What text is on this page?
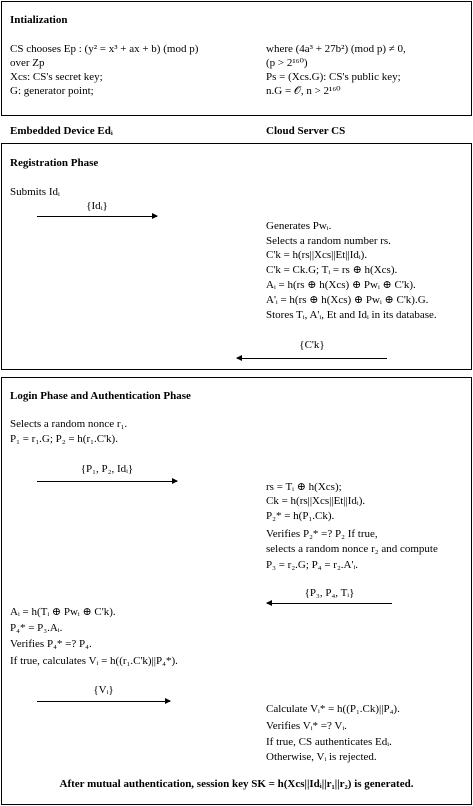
Intialization
CS chooses Ep : (y² = x³ + ax + b) (mod p)
over Zp
Xcs: CS's secret key;
G: generator point;
where (4a³ + 27b²) (mod p) ≠ 0,
(p > 2¹⁶⁰)
Ps = (Xcs.G): CS's public key;
n.G = 𝒪, n > 2¹⁶⁰
Embedded Device Edᵢ	Cloud Server CS
Registration Phase
Submits Idᵢ
{Idᵢ}
Generates Pwᵢ.
Selects a random number rs.
C'k = h(rs||Xcs||Et||Idᵢ).
C'k = Ck.G; Tᵢ = rs ⊕ h(Xcs).
Aᵢ = h(rs ⊕ h(Xcs) ⊕ Pwᵢ ⊕ C'k).
A'ᵢ = h(rs ⊕ h(Xcs) ⊕ Pwᵢ ⊕ C'k).G.
Stores Tᵢ, A'ᵢ, Et and Idᵢ in its database.
{C'k}
Login Phase and Authentication Phase
Selects a random nonce r₁.
P₁ = r₁.G; P₂ = h(r₁.C'k).
{P₁, P₂, Idᵢ}
rs = Tᵢ ⊕ h(Xcs);
Ck = h(rs||Xcs||Et||Idᵢ).
P₂* = h(P₁.Ck).
Verifies P₂* =? P₂ If true,
selects a random nonce r₂ and compute
P₃ = r₂.G; P₄ = r₂.A'ᵢ.
{P₃, P₄, Tᵢ}
Aᵢ = h(Tᵢ ⊕ Pwᵢ ⊕ C'k).
P₄* = P₃.Aᵢ.
Verifies P₄* =? P₄.
If true, calculates Vᵢ = h((r₁.C'k)||P₄*).
{Vᵢ}
Calculate Vᵢ* = h((P₁.Ck)||P₄).
Verifies Vᵢ* =? Vᵢ.
If true, CS authenticates Edᵢ.
Otherwise, Vᵢ is rejected.
After mutual authentication, session key SK = h(Xcs||Idᵢ||r₁||r₂) is generated.
